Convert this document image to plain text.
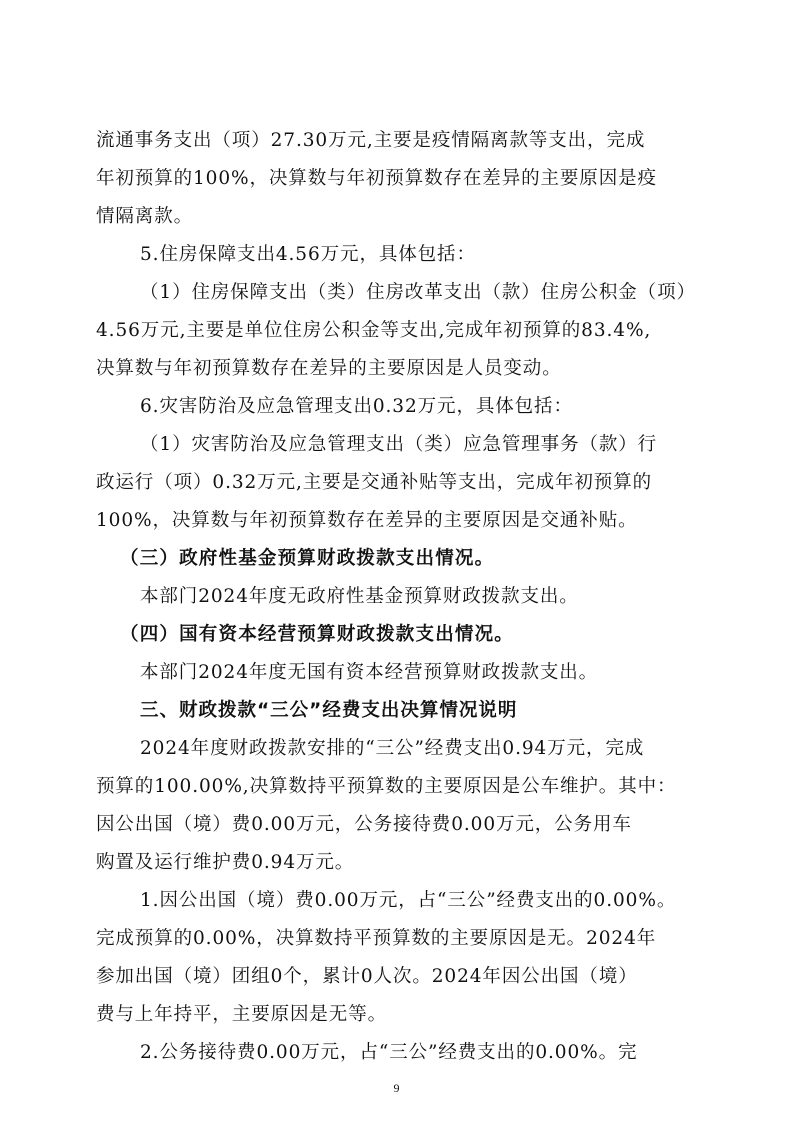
流通事务支出（项）27.30万元,主要是疫情隔离款等支出，完成
年初预算的100%，决算数与年初预算数存在差异的主要原因是疫
情隔离款。
5.住房保障支出4.56万元，具体包括：
（1）住房保障支出（类）住房改革支出（款）住房公积金（项）
4.56万元,主要是单位住房公积金等支出,完成年初预算的83.4%,
决算数与年初预算数存在差异的主要原因是人员变动。
6.灾害防治及应急管理支出0.32万元，具体包括：
（1）灾害防治及应急管理支出（类）应急管理事务（款）行
政运行（项）0.32万元,主要是交通补贴等支出，完成年初预算的
100%，决算数与年初预算数存在差异的主要原因是交通补贴。
（三）政府性基金预算财政拨款支出情况。
本部门2024年度无政府性基金预算财政拨款支出。
（四）国有资本经营预算财政拨款支出情况。
本部门2024年度无国有资本经营预算财政拨款支出。
三、财政拨款“三公”经费支出决算情况说明
2024年度财政拨款安排的“三公”经费支出0.94万元，完成
预算的100.00%,决算数持平预算数的主要原因是公车维护。其中：
因公出国（境）费0.00万元，公务接待费0.00万元，公务用车
购置及运行维护费0.94万元。
1.因公出国（境）费0.00万元，占“三公”经费支出的0.00%。
完成预算的0.00%，决算数持平预算数的主要原因是无。2024年
参加出国（境）团组0个，累计0人次。2024年因公出国（境）
费与上年持平，主要原因是无等。
2.公务接待费0.00万元，占“三公”经费支出的0.00%。完
9
